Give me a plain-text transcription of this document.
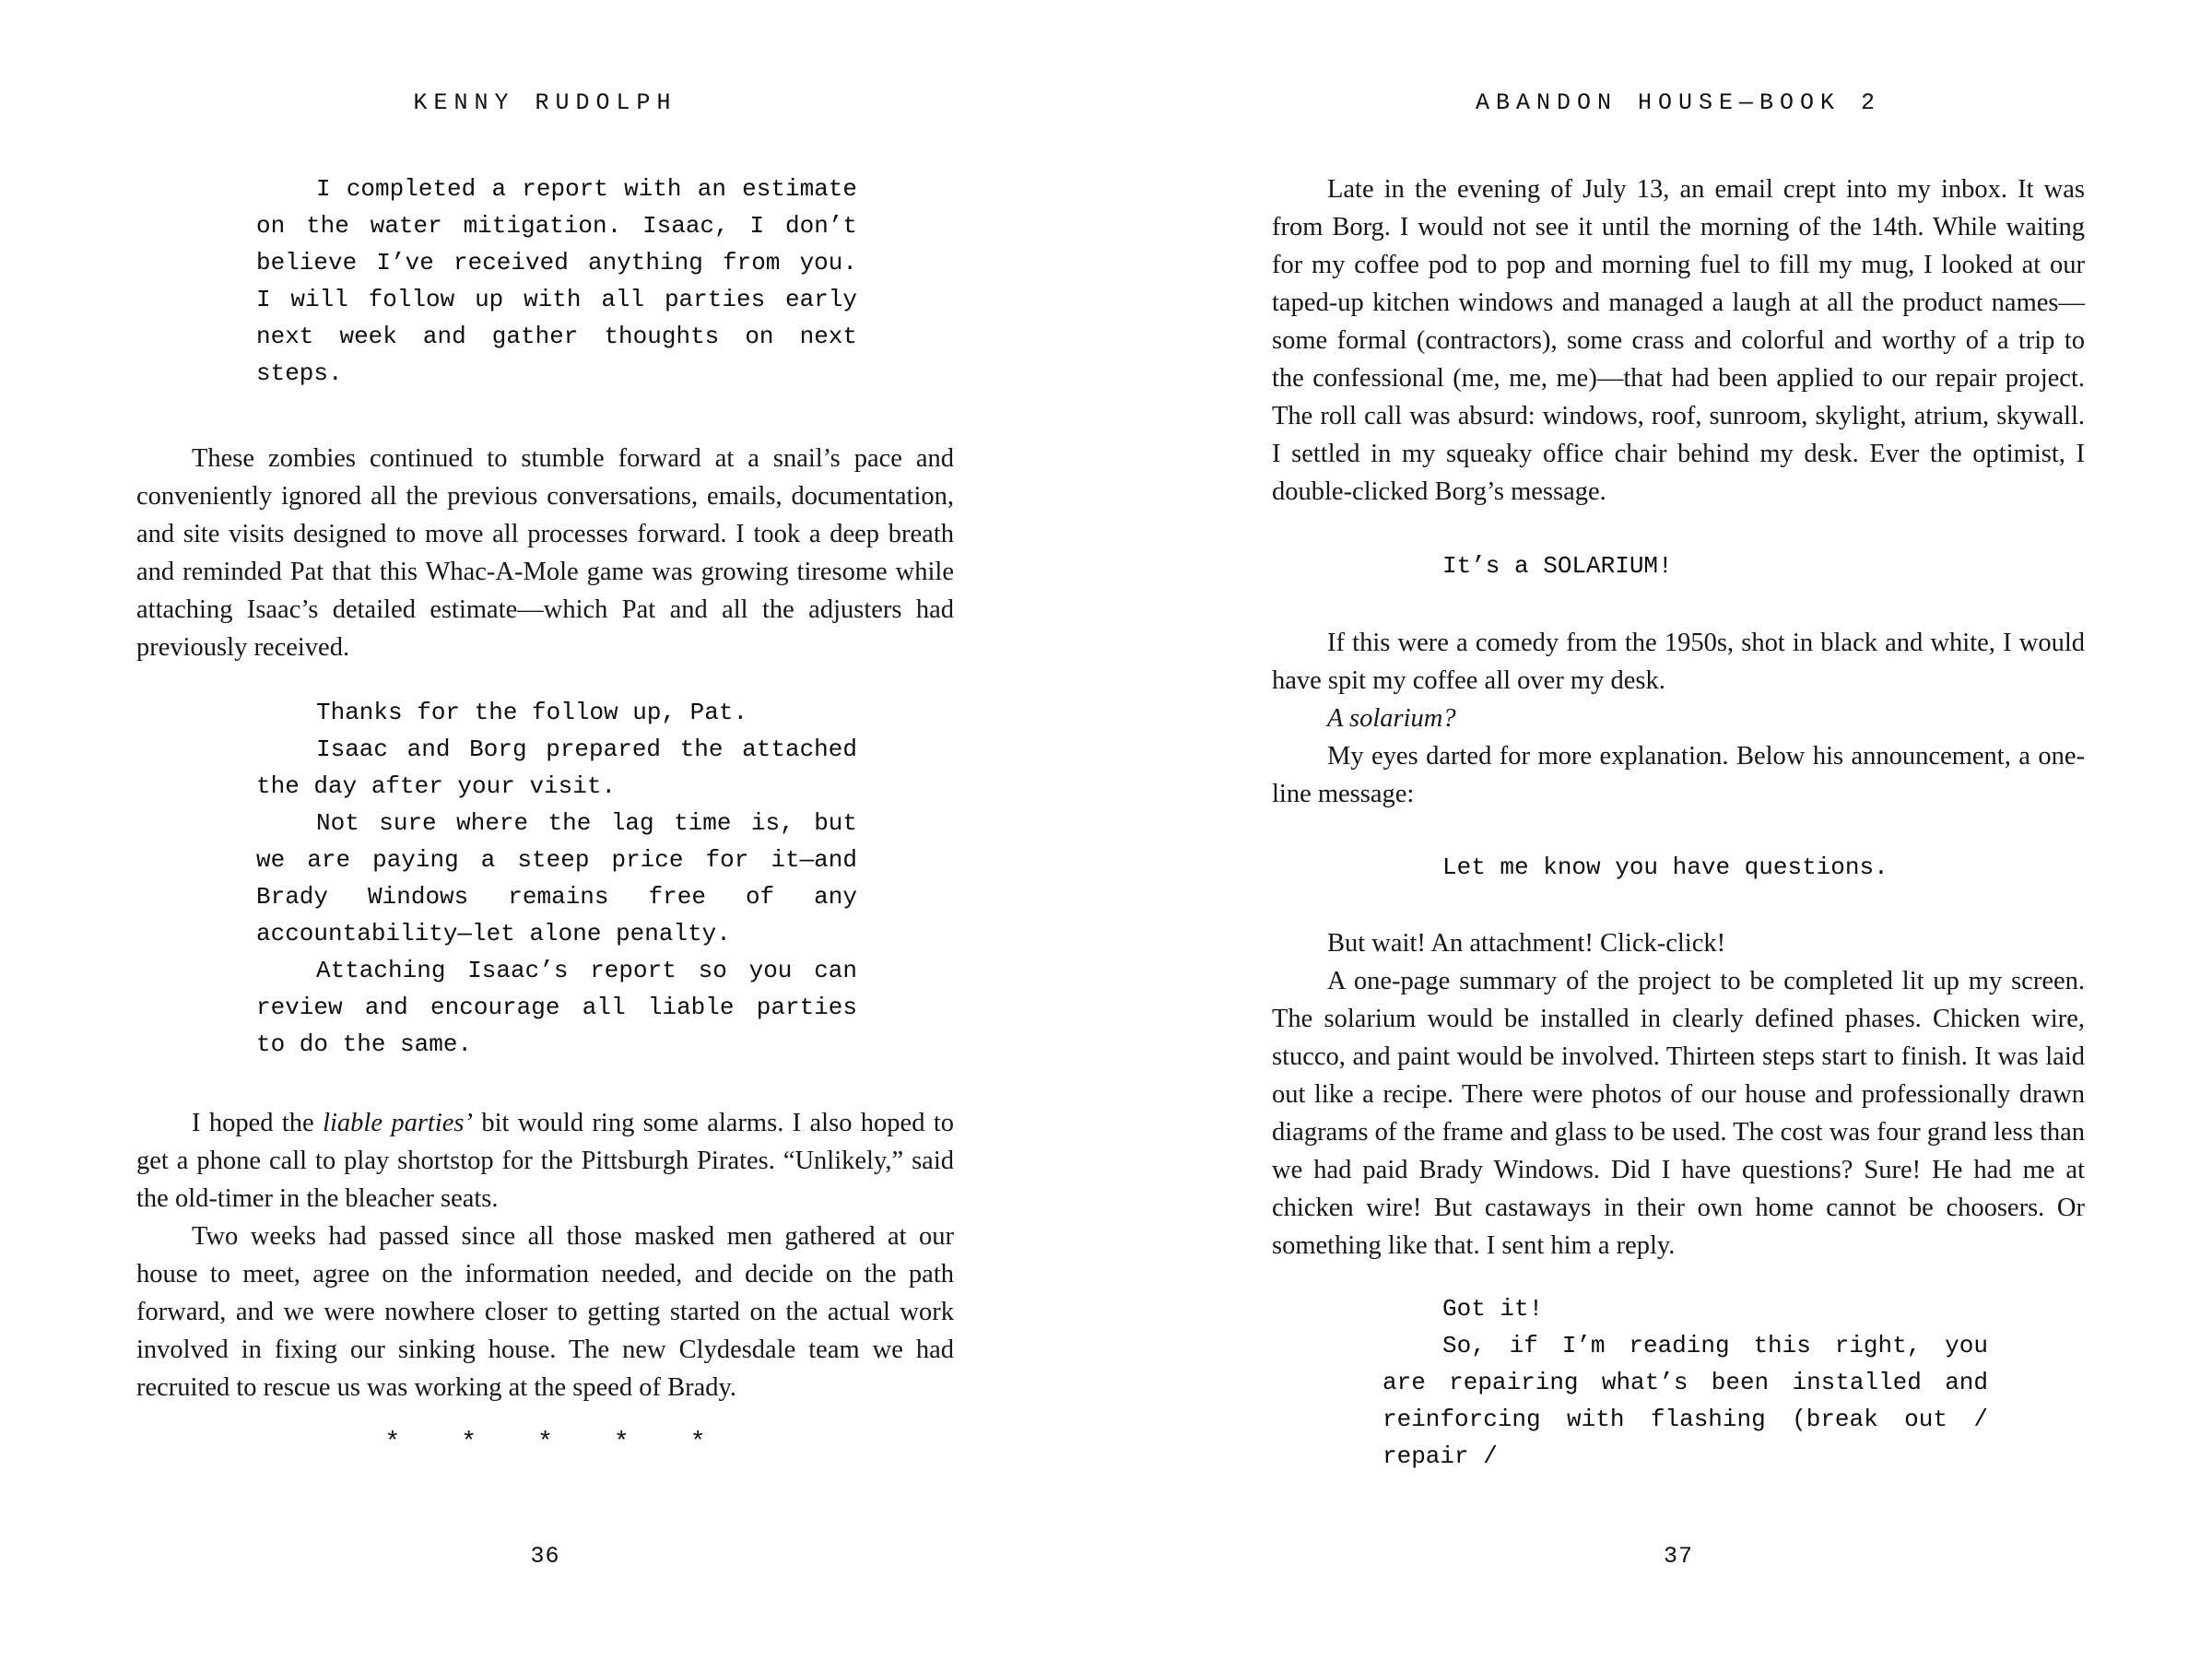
KENNY RUDOLPH

I completed a report with an estimate on the water mitigation. Isaac, I don’t believe I’ve received anything from you. I will follow up with all parties early next week and gather thoughts on next steps.

These zombies continued to stumble forward at a snail’s pace and conveniently ignored all the previous conversations, emails, documentation, and site visits designed to move all processes forward. I took a deep breath and reminded Pat that this Whac-A-Mole game was growing tiresome while attaching Isaac’s detailed estimate—which Pat and all the adjusters had previously received.

Thanks for the follow up, Pat.

Isaac and Borg prepared the attached the day after your visit.

Not sure where the lag time is, but we are paying a steep price for it—and Brady Windows remains free of any accountability—let alone penalty.

Attaching Isaac’s report so you can review and encourage all liable parties to do the same.

I hoped the liable parties’ bit would ring some alarms. I also hoped to get a phone call to play shortstop for the Pittsburgh Pirates. “Unlikely,” said the old-timer in the bleacher seats.

Two weeks had passed since all those masked men gathered at our house to meet, agree on the information needed, and decide on the path forward, and we were nowhere closer to getting started on the actual work involved in fixing our sinking house. The new Clydesdale team we had recruited to rescue us was working at the speed of Brady.

* * * * *
36
ABANDON HOUSE—BOOK 2

Late in the evening of July 13, an email crept into my inbox. It was from Borg. I would not see it until the morning of the 14th. While waiting for my coffee pod to pop and morning fuel to fill my mug, I looked at our taped-up kitchen windows and managed a laugh at all the product names—some formal (contractors), some crass and colorful and worthy of a trip to the confessional (me, me, me)—that had been applied to our repair project. The roll call was absurd: windows, roof, sunroom, skylight, atrium, skywall. I settled in my squeaky office chair behind my desk. Ever the optimist, I double-clicked Borg’s message.

It’s a SOLARIUM!

If this were a comedy from the 1950s, shot in black and white, I would have spit my coffee all over my desk.

A solarium?

My eyes darted for more explanation. Below his announcement, a one-line message:

Let me know you have questions.

But wait! An attachment! Click-click!

A one-page summary of the project to be completed lit up my screen. The solarium would be installed in clearly defined phases. Chicken wire, stucco, and paint would be involved. Thirteen steps start to finish. It was laid out like a recipe. There were photos of our house and professionally drawn diagrams of the frame and glass to be used. The cost was four grand less than we had paid Brady Windows. Did I have questions? Sure! He had me at chicken wire! But castaways in their own home cannot be choosers. Or something like that. I sent him a reply.

Got it!

So, if I’m reading this right, you are repairing what’s been installed and reinforcing with flashing (break out / repair /

37
